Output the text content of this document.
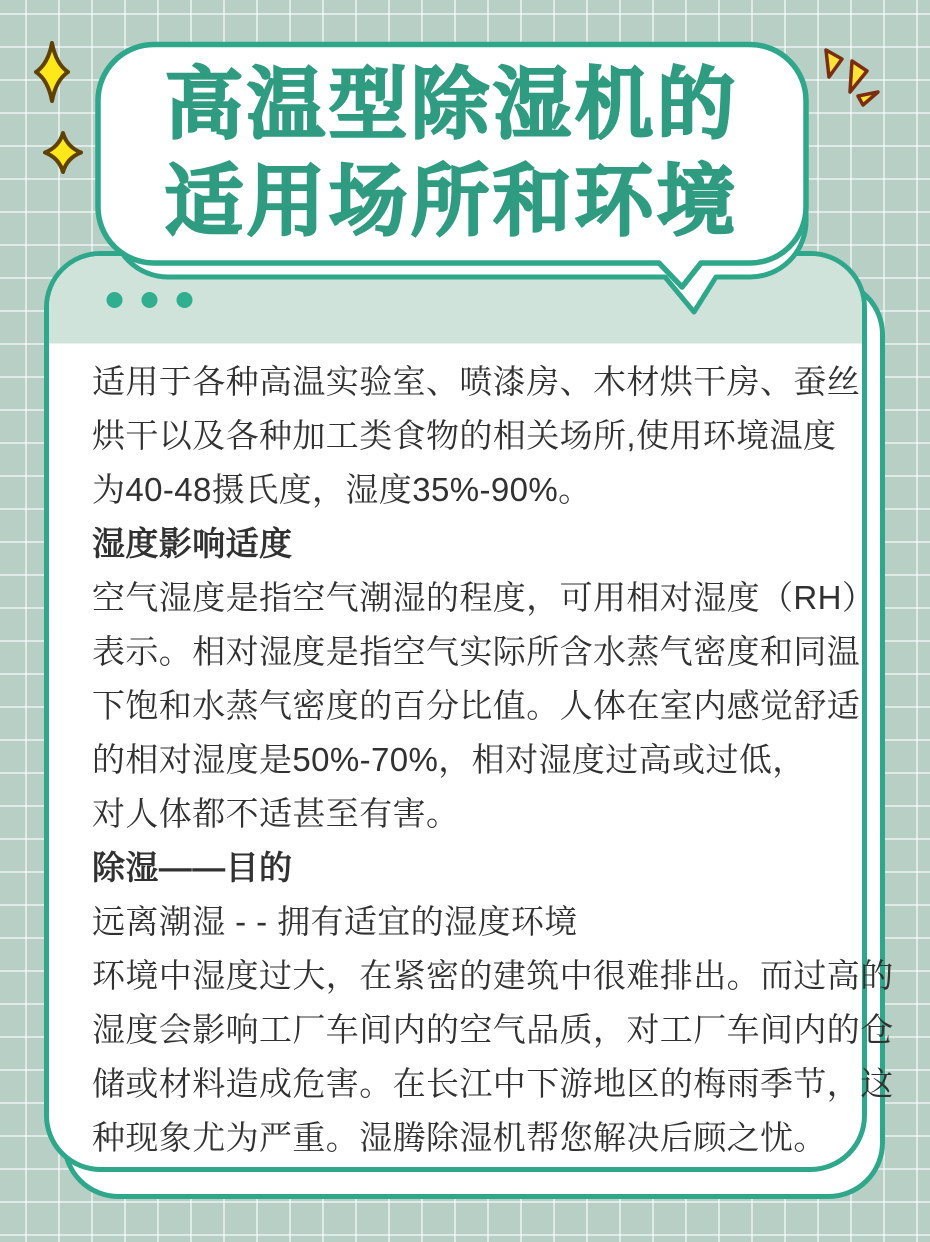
高温型除湿机的
适用场所和环境
适用于各种高温实验室、喷漆房、木材烘干房、蚕丝
烘干以及各种加工类食物的相关场所,使用环境温度
为40-48摄氏度，湿度35%-90%。
湿度影响适度
空气湿度是指空气潮湿的程度，可用相对湿度（RH）
表示。相对湿度是指空气实际所含水蒸气密度和同温
下饱和水蒸气密度的百分比值。人体在室内感觉舒适
的相对湿度是50%-70%，相对湿度过高或过低，
对人体都不适甚至有害。
除湿——目的
远离潮湿 - - 拥有适宜的湿度环境
环境中湿度过大，在紧密的建筑中很难排出。而过高的
湿度会影响工厂车间内的空气品质，对工厂车间内的仓
储或材料造成危害。在长江中下游地区的梅雨季节，这
种现象尤为严重。湿腾除湿机帮您解决后顾之忧。
